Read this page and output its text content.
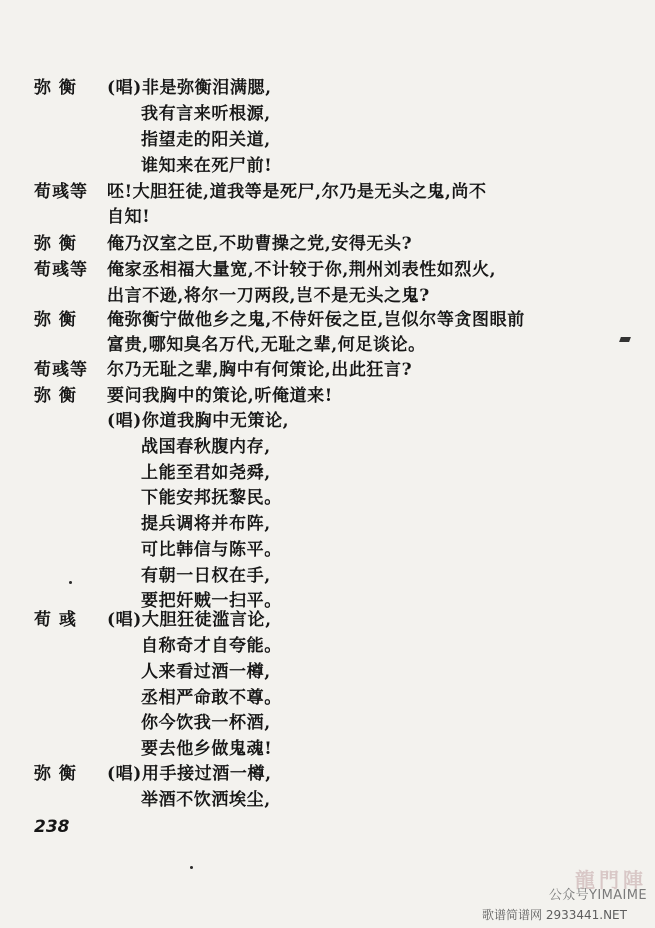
弥 衡 (唱)非是弥衡泪满腮,
我有言来听根源,
指望走的阳关道,
谁知来在死尸前!
荀彧等 呸!大胆狂徒,道我等是死尸,尔乃是无头之鬼,尚不
自知!
弥 衡 俺乃汉室之臣,不助曹操之党,安得无头?
荀彧等 俺家丞相福大量宽,不计较于你,荆州刘表性如烈火,
出言不逊,将尔一刀两段,岂不是无头之鬼?
弥 衡 俺弥衡宁做他乡之鬼,不侍奸佞之臣,岂似尔等贪图眼前
富贵,哪知臭名万代,无耻之辈,何足谈论。
荀彧等 尔乃无耻之辈,胸中有何策论,出此狂言?
弥 衡 要问我胸中的策论,听俺道来!
(唱)你道我胸中无策论,
战国春秋腹内存,
上能至君如尧舜,
下能安邦抚黎民。
提兵调将并布阵,
可比韩信与陈平。
有朝一日权在手,
要把奸贼一扫平。
荀 彧 (唱)大胆狂徒滥言论,
自称奇才自夸能。
人来看过酒一樽,
丞相严命敢不尊。
你今饮我一杯酒,
要去他乡做鬼魂!
弥 衡 (唱)用手接过酒一樽,
举酒不饮洒埃尘,
238
龍門陣
公众号YIMAIME
歌谱简谱网 2933441.NET
